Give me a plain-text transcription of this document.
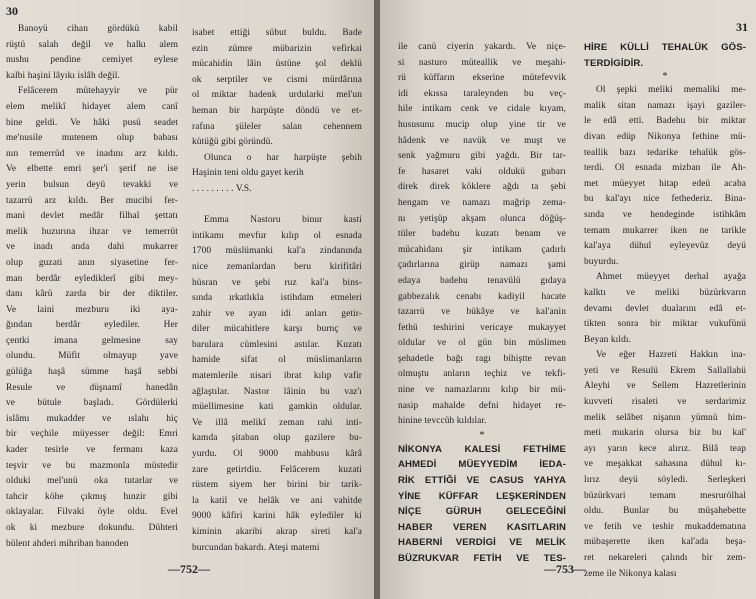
30
Banoyü cihan gördükü kabil
rüştü salah değil ve halkı alem
nushu pendine cemiyet eylese
kalbi haşini lâyıkı islâh değil.
Felâcerem mütehayyir ve pür
elem melikî hidayet alem canî
bine geldi. Ve hâki pusü seadet
me'nusile mutenem olup babası
nın temerrüd ve inadını arz kıldı.
Ve elbette emri şer'i şerif ne ise
yerin bulsun deyü tevakki ve
tazarrü arz kıldı. Ber mucibi fer-
mani devlet medâr filhal şettatı
melik huzurına ihzar ve temerrüt
ve inadı anda dahi mukarrer
olup guzati anın siyasetine fer-
man berdâr eylediklerî gibi mey-
danı kârü zarda bir der diktiler.
Ve laini mezburu iki aya-
ğından berdâr eylediler. Her
çentki imana gelmesine say
olundu. Müfit olmayup yave
gülüğa haşâ sümme haşâ sebbi
Resule ve düşnamî hanedân
ve bütule başladı. Gördülerki
islâmı mukadder ve ıslahı hiç
bir veçhile müyesser değil: Emri
kader tesirle ve fermanı kaza
teşvir ve bu mazmonla müstedir
olduki mel'unü oka tutarlar ve
tahcir köhe çıkmış hınzir gibi
oklayalar. Filvaki öyle oldu. Evel
ok ki mezbure dokundu. Dühteri
bülent ahderi mihriban banoden
isabet ettiği sübut buldu. Bade
ezin zümre mübarizin vefirkai
mücahidin lâin üstüne şol deklü
ok serptiler ve cismi mürdârına
ol miktar hadenk urdularki mel'un
heman bir harpüşte döndü ve et-
rafına şüleler salan cehennem
kütüğü gibi göründü.
Olunca o har harpüşte şebih
Haşinin teni oldu gayet kerih
. . . . . . . . . V.S.

Emma Nastoru binur kasti
intikamı mevfur kılıp ol esnada
1700 müslümanki kal'a zindanında
nice zemanlardan beru kirifitâri
hüsran ve şebi ruz kal'a bins-
sında ırkatlıkla istihdam etmeleri
zahir ve ayan idi anları getir-
diler mücahitlere karşı burnç ve
barulara cümlesini astılar. Kuzatı
hamide sifat ol müslimanların
matemlerile nisari ibrat kılıp vafir
ağlaştılar. Nastor lâinin bu vaz'ı
müellimesine kati gamkin oldular.
Ve illâ melikî zeman rahi inti-
kamda şitaban olup gazilere bu-
yurdu. Ol 9000 mahbusu kârâ
zare getirtdiu. Felâcerem kuzati
rüstem siyem her birini bir tarik-
la katil ve helâk ve ani vahitde
9000 kâfiri karini hâk eylediler ki
kiminin akaribi akrap sireti kal'a
burcundan bakardı. Ateşi matemi
—752—
31
ile canü ciyerin yakardı. Ve niçe-
si nasturo müteallik ve meşahi-
rü küffarın ekserine mütefevvik
idi ekıssa taraleynden bu veç-
hile intikam cenk ve cidale kıyam,
hususunu mucip olup yine tir ve
hâdenk ve navük ve muşt ve
senk yağmuru gibi yağdı. Bir tar-
fe hasaret vaki oldukü gubarı
direk direk köklere ağdı ta şebi
hengam ve namazı mağrip zema-
nı yetişüp akşam olunca döğüş-
tüler badehu kuzatı benam ve
mücahidanı şir intikam çadırlı
çadırlarına girüp namazı şami
edaya badehu tenavülü gıdaya
gabbezalık cenabı kadiyil hacate
tazarrü ve bükâye ve kal'anin
fethü teshirini vericaye mukayyet
oldular ve ol gün bin müslimen
şehadetle bağı ragı bihiştte revan
olmuştu anların teçhiz ve tekfi-
nine ve namazlarını kılıp bir mü-
nasip mahalde defni hidayet re-
hinine tevccüh kıldılar.
*
NİKONYA KALESİ FETHİME
AHMEDİ MÜEYYEDİM İEDA-
RİK ETTİĞİ VE CASUS YAHYA
YİNE KÜFFAR LEŞKERİNDEN
NİÇE GÜRUH GELECEĞİNİ
HABER VEREN KASITLARIN
HABERNİ VERDİGİ VE MELİK
BÜZRUKVAR FETİH VE TES-
HİRE KÜLLİ TEHALÜK GÖS-
TERDİGİDİR.
*
Ol şepki meliki memaliki me-
malik sitan namazı işayi gaziler-
le edâ etti. Badehu bir miktar
divan edüp Nikonya fethine mü-
teallik bazı tedarike tehalük gös-
terdi. Ol esnada mizban ile Ah-
met müeyyet hitap edeü acaba
bu kal'ayı nice fethederiz. Bina-
sında ve hendeginde istihkâm
temam mukarrer iken ne tarikle
kal'aya dühul eyleyevüz deyü
buyurdu.
Ahmet müeyyet derhal ayağa
kalktı ve meliki büzürkvarın
devamı devlet dualarını edâ et-
tikten sonra bir miktar vukufünü
Beyan kıldı.
Ve eğer Hazreti Hakkın ina-
yeti ve Resulü Ekrem Sallallahü
Aleyhi ve Sellem Hazretlerinin
kuvveti risaleti ve serdarimiz
melik selâbet nişanın yümnü him-
meti mukarin olursa biz bu kal'
ayı yarın kece alırız. Bilâ teap
ve meşakkat sahasına dühul kı-
lırız deyü söyledi. Serleşkeri
büzürkvari temam mesrurölhal
oldu. Bunlar bu müşahebette
ve fetih ve teshir mukaddematına
mübaşerette iken kal'ada beşa-
ret nekareleri çalındı bir zem-
zeme ile Nikonya kalası
—753—
